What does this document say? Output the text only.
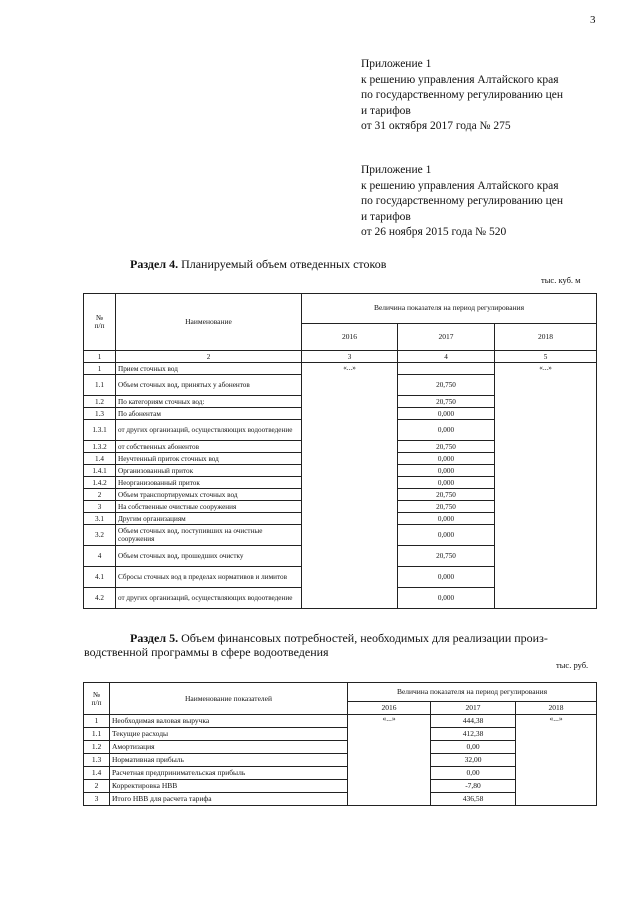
3
Приложение 1
к решению управления Алтайского края
по государственному регулированию цен
и тарифов
от 31 октября 2017 года № 275
Приложение 1
к решению управления Алтайского края
по государственному регулированию цен
и тарифов
от 26 ноября 2015 года № 520
Раздел 4. Планируемый объем отведенных стоков
тыс. куб. м
№
п/п	Наименование	Величина показателя на период регулирования		
		2016	2017	2018
1	2	3	4	5
1	Прием сточных вод	«...»		«...»
1.1	Объем сточных вод, принятых у абонентов		20,750	
1.2	По категориям сточных вод:		20,750	
1.3	По абонентам		0,000	
1.3.1	от других организаций, осуществляющих водоотведение		0,000	
1.3.2	от собственных абонентов		20,750	
1.4	Неучтенный приток сточных вод		0,000	
1.4.1	Организованный приток		0,000	
1.4.2	Неорганизованный приток		0,000	
2	Объем транспортируемых сточных вод		20,750	
3	На собственные очистные сооружения		20,750	
3.1	Другим организациям		0,000	
3.2	Объем сточных вод, поступивших на очистные сооружения		0,000	
4	Объем сточных вод, прошедших очистку		20,750	
4.1	Сбросы сточных вод в пределах нормативов и лимитов		0,000	
4.2	от других организаций, осуществляющих водоотведение		0,000	
Раздел 5. Объем финансовых потребностей, необходимых для реализации произ-
водственной программы в сфере водоотведения
тыс. руб.
№
п/п	Наименование показателей	Величина показателя на период регулирования		
		2016	2017	2018
1	Необходимая валовая выручка	«...»	444,38	«...»
1.1	Текущие расходы		412,38	
1.2	Амортизация		0,00	
1.3	Нормативная прибыль		32,00	
1.4	Расчетная предпринимательская прибыль		0,00	
2	Корректировка НВВ		-7,80	
3	Итого НВВ для расчета тарифа		436,58	
